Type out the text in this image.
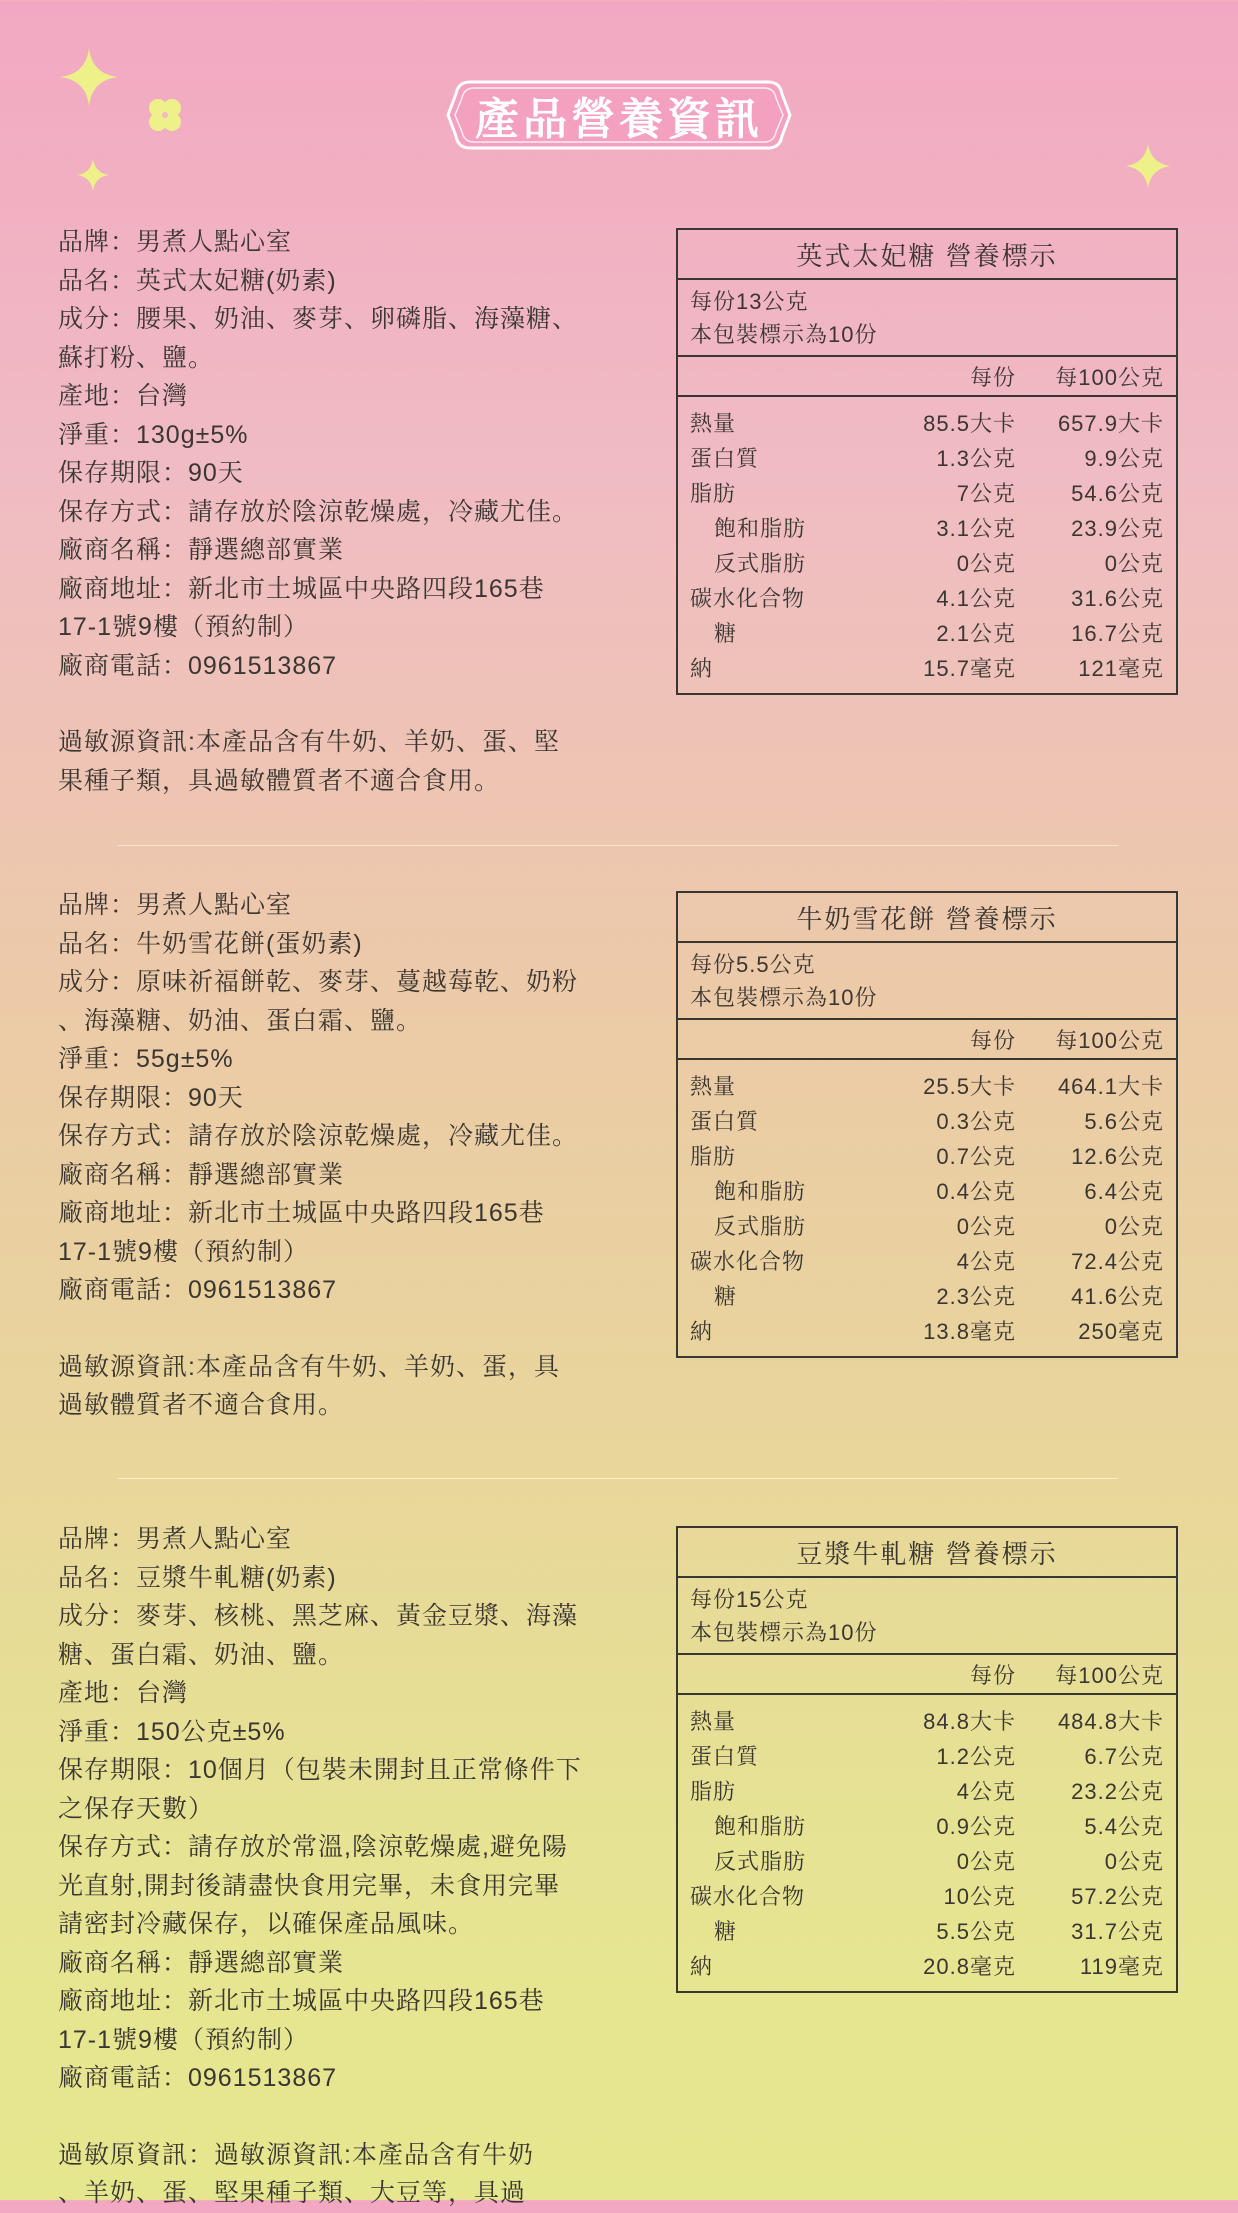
產品營養資訊

品牌：男煮人點心室

品名：英式太妃糖(奶素)

成分：腰果、奶油、麥芽、卵磷脂、海藻糖、

蘇打粉、鹽。

產地：台灣

淨重：130g±5%

保存期限：90天

保存方式：請存放於陰涼乾燥處，冷藏尤佳。

廠商名稱：靜選總部實業

廠商地址：新北市土城區中央路四段165巷

17-1號9樓（預約制）

廠商電話：0961513867

過敏源資訊:本產品含有牛奶、羊奶、蛋、堅

果種子類，具過敏體質者不適合食用。

英式太妃糖 營養標示

每份13公克

本包裝標示為10份

每份	每100公克
熱量	85.5大卡	657.9大卡
蛋白質	1.3公克	9.9公克
脂肪	7公克	54.6公克
飽和脂肪	3.1公克	23.9公克
反式脂肪	0公克	0公克
碳水化合物	4.1公克	31.6公克
糖	2.1公克	16.7公克
納	15.7毫克	121毫克

品牌：男煮人點心室

品名：牛奶雪花餅(蛋奶素)

成分：原味祈福餅乾、麥芽、蔓越莓乾、奶粉

、海藻糖、奶油、蛋白霜、鹽。

淨重：55g±5%

保存期限：90天

保存方式：請存放於陰涼乾燥處，冷藏尤佳。

廠商名稱：靜選總部實業

廠商地址：新北市土城區中央路四段165巷

17-1號9樓（預約制）

廠商電話：0961513867

過敏源資訊:本產品含有牛奶、羊奶、蛋，具

過敏體質者不適合食用。

牛奶雪花餅 營養標示

每份5.5公克

本包裝標示為10份

每份	每100公克
熱量	25.5大卡	464.1大卡
蛋白質	0.3公克	5.6公克
脂肪	0.7公克	12.6公克
飽和脂肪	0.4公克	6.4公克
反式脂肪	0公克	0公克
碳水化合物	4公克	72.4公克
糖	2.3公克	41.6公克
納	13.8毫克	250毫克

品牌：男煮人點心室

品名：豆漿牛軋糖(奶素)

成分：麥芽、核桃、黑芝麻、黃金豆漿、海藻

糖、蛋白霜、奶油、鹽。

產地：台灣

淨重：150公克±5%

保存期限：10個月（包裝未開封且正常條件下

之保存天數）

保存方式：請存放於常溫,陰涼乾燥處,避免陽

光直射,開封後請盡快食用完畢，未食用完畢

請密封冷藏保存，以確保產品風味。

廠商名稱：靜選總部實業

廠商地址：新北市土城區中央路四段165巷

17-1號9樓（預約制）

廠商電話：0961513867

過敏原資訊：過敏源資訊:本產品含有牛奶

、羊奶、蛋、堅果種子類、大豆等，具過

豆漿牛軋糖 營養標示

每份15公克

本包裝標示為10份

每份	每100公克
熱量	84.8大卡	484.8大卡
蛋白質	1.2公克	6.7公克
脂肪	4公克	23.2公克
飽和脂肪	0.9公克	5.4公克
反式脂肪	0公克	0公克
碳水化合物	10公克	57.2公克
糖	5.5公克	31.7公克
納	20.8毫克	119毫克
